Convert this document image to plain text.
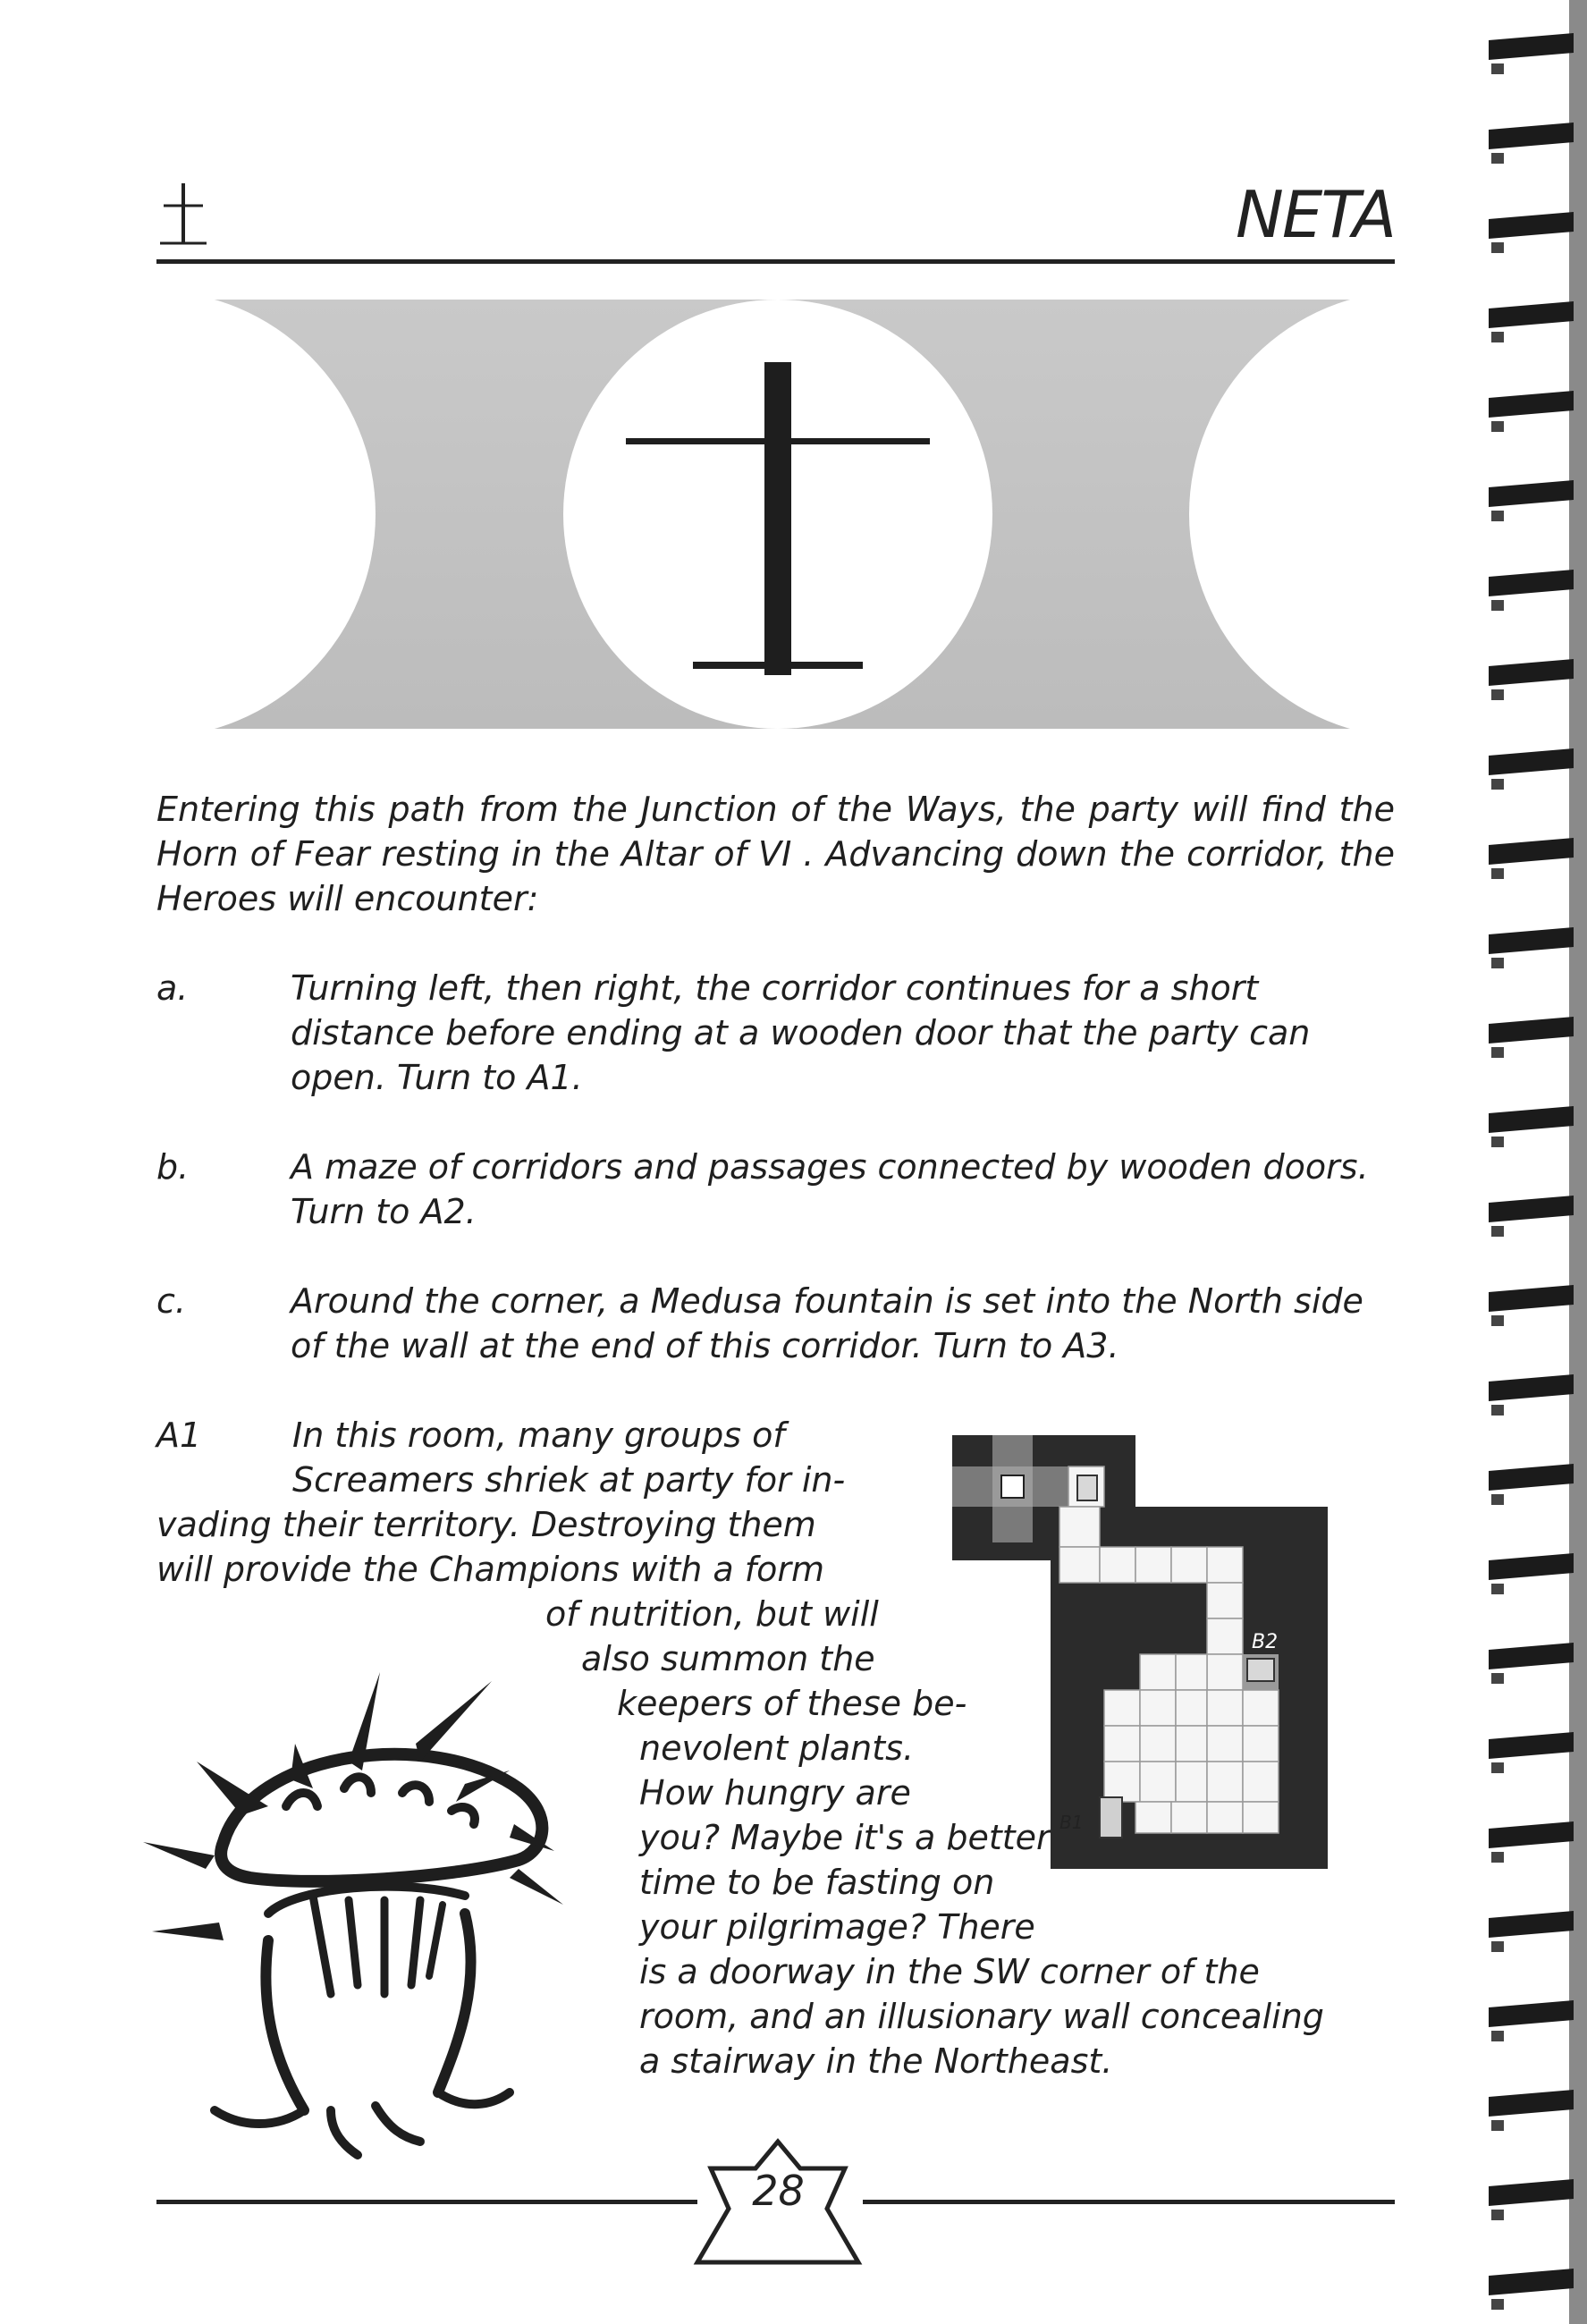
NETA
Entering this path from the Junction of the Ways, the party will find the Horn of Fear resting in the Altar of VI . Advancing down the corridor, the Heroes will encounter:
a.	Turning left, then right, the corridor continues for a short distance before ending at a wooden door that the party can open. Turn to A1.
b.	A maze of corridors and passages connected by wooden doors. Turn to A2.
c.	Around the corner, a Medusa fountain is set into the North side of the wall at the end of this corridor. Turn to A3.
A1	In this room, many groups of
Screamers shriek at party for in-
vading their territory. Destroying them
will provide the Champions with a form
of nutrition, but will
also summon the
keepers of these be-
nevolent plants.
How hungry are
you? Maybe it's a better
time to be fasting on
your pilgrimage? There
is a doorway in the SW corner of the
room, and an illusionary wall concealing
a stairway in the Northeast.
B2
B1
28
